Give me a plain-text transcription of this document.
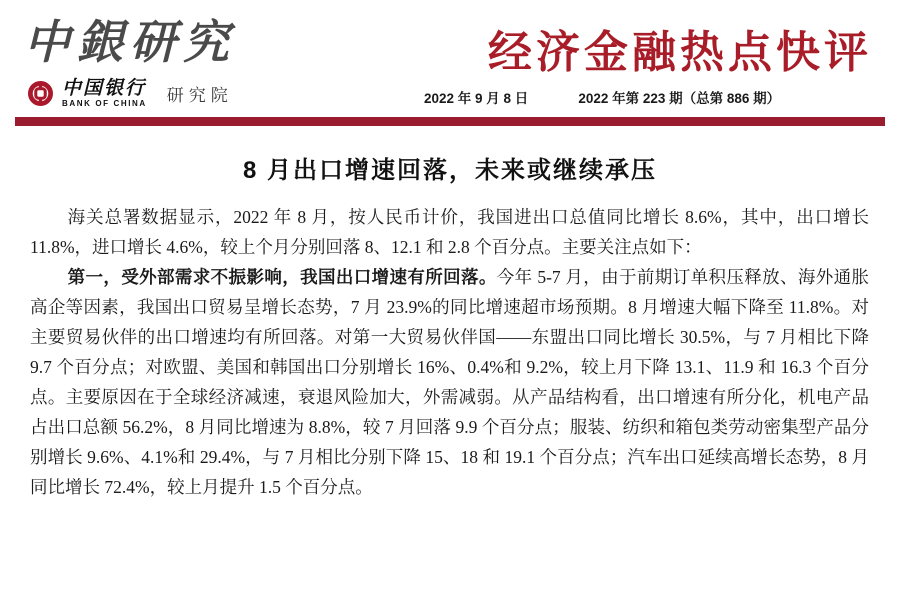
中銀研究	经济金融热点快评
中国银行
BANK OF CHINA 研究院	2022 年 9 月 8 日	2022 年第 223 期（总第 886 期）
8 月出口增速回落，未来或继续承压

海关总署数据显示，2022 年 8 月，按人民币计价，我国进出口总值同比增长 8.6%，其中，出口增长 11.8%，进口增长 4.6%，较上个月分别回落 8、12.1 和 2.8 个百分点。主要关注点如下：

第一，受外部需求不振影响，我国出口增速有所回落。今年 5-7 月，由于前期订单积压释放、海外通胀高企等因素，我国出口贸易呈增长态势，7 月 23.9%的同比增速超市场预期。8 月增速大幅下降至 11.8%。对主要贸易伙伴的出口增速均有所回落。对第一大贸易伙伴国——东盟出口同比增长 30.5%，与 7 月相比下降 9.7 个百分点；对欧盟、美国和韩国出口分别增长 16%、0.4%和 9.2%，较上月下降 13.1、11.9 和 16.3 个百分点。主要原因在于全球经济减速，衰退风险加大，外需减弱。从产品结构看，出口增速有所分化，机电产品占出口总额 56.2%，8 月同比增速为 8.8%，较 7 月回落 9.9 个百分点；服装、纺织和箱包类劳动密集型产品分别增长 9.6%、4.1%和 29.4%，与 7 月相比分别下降 15、18 和 19.1 个百分点；汽车出口延续高增长态势，8 月同比增长 72.4%，较上月提升 1.5 个百分点。
